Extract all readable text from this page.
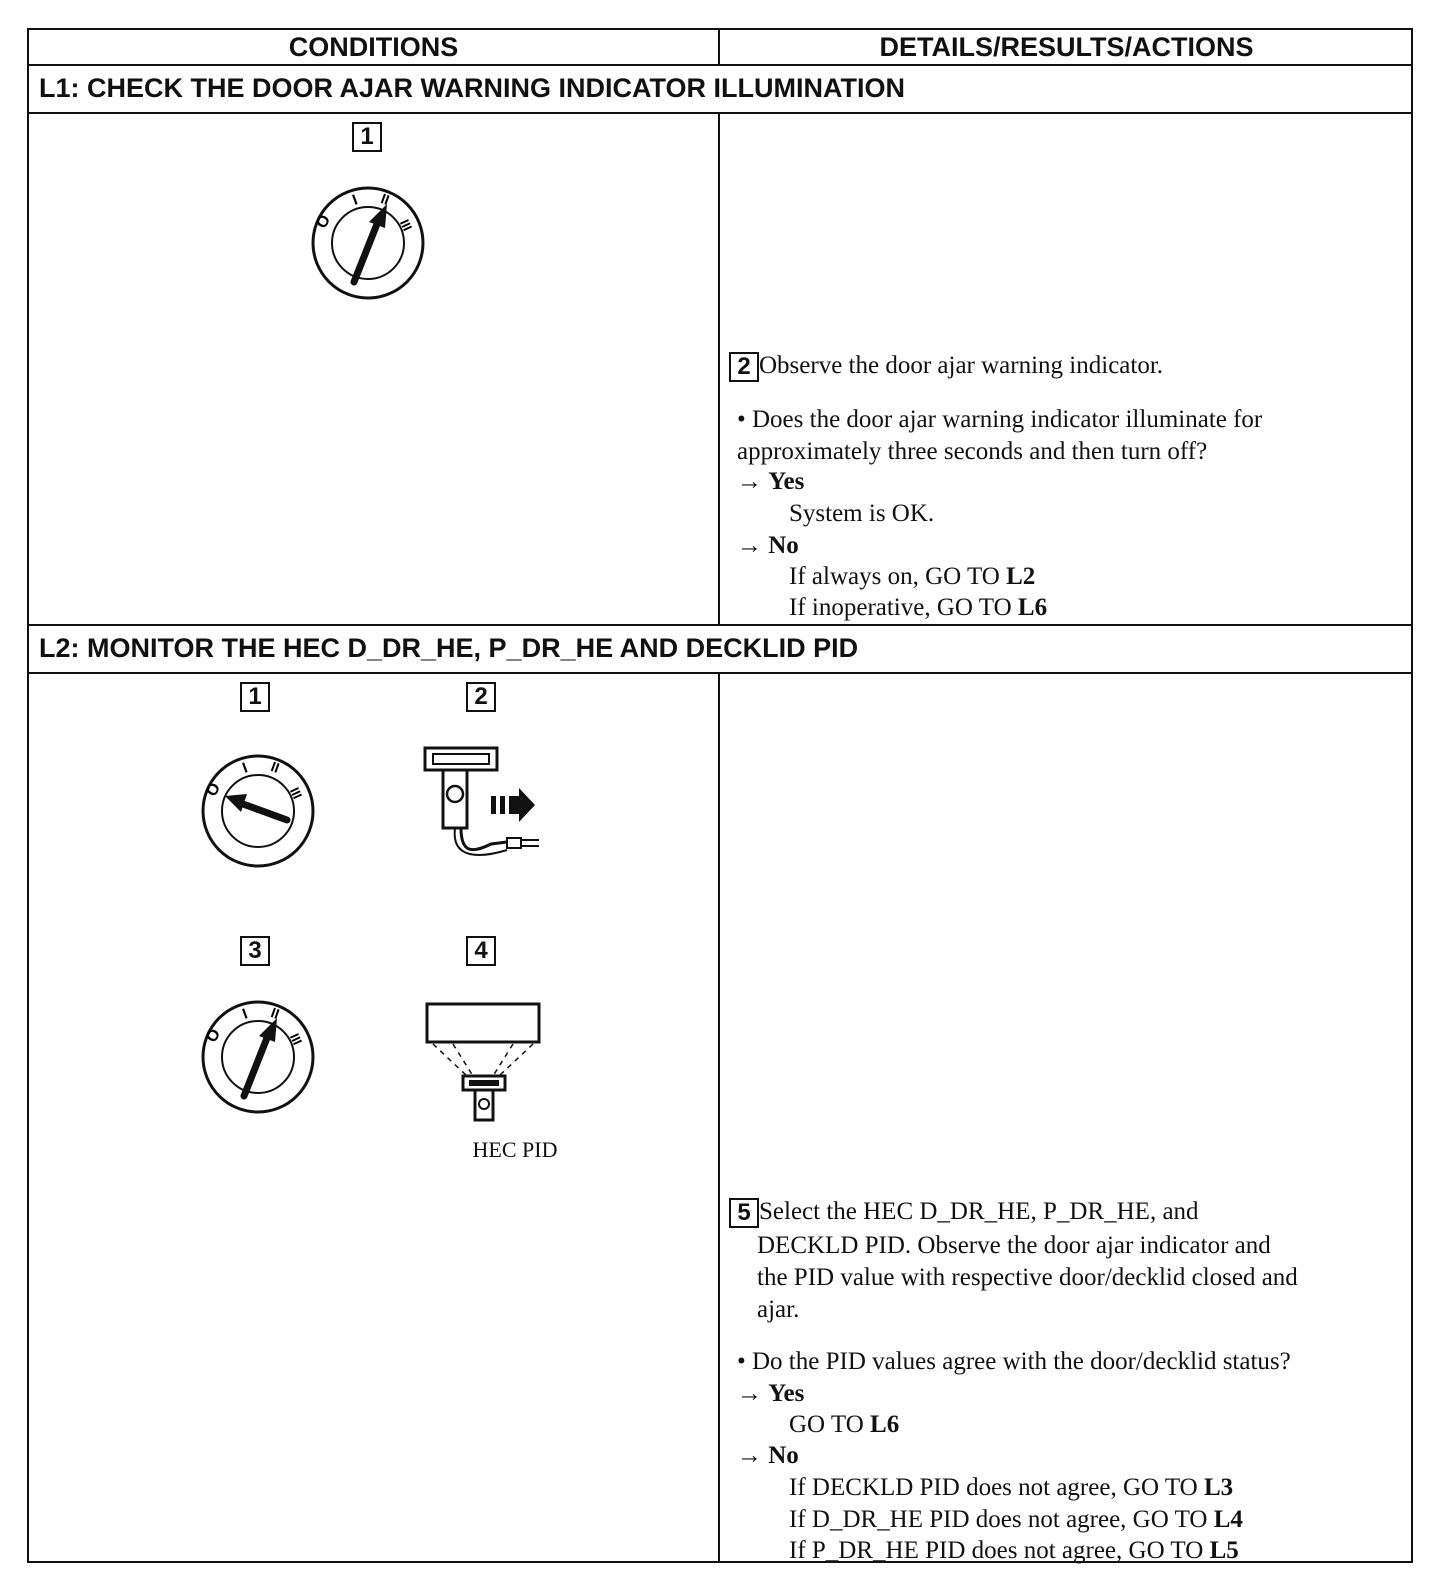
CONDITIONS	DETAILS/RESULTS/ACTIONS
L1: CHECK THE DOOR AJAR WARNING INDICATOR ILLUMINATION
1
O
I II
III
2 Observe the door ajar warning indicator.
• Does the door ajar warning indicator illuminate for approximately three seconds and then turn off?
→ Yes
System is OK.
→ No
If always on, GO TO L2
If inoperative, GO TO L6
L2: MONITOR THE HEC D_DR_HE, P_DR_HE AND DECKLID PID
1	2
O
I II
III
3	4
O
I II
III
HEC PID
5 Select the HEC D_DR_HE, P_DR_HE, and
DECKLD PID. Observe the door ajar indicator and
the PID value with respective door/decklid closed and
ajar.
• Do the PID values agree with the door/decklid status?
→ Yes
GO TO L6
→ No
If DECKLD PID does not agree, GO TO L3
If D_DR_HE PID does not agree, GO TO L4
If P_DR_HE PID does not agree, GO TO L5
